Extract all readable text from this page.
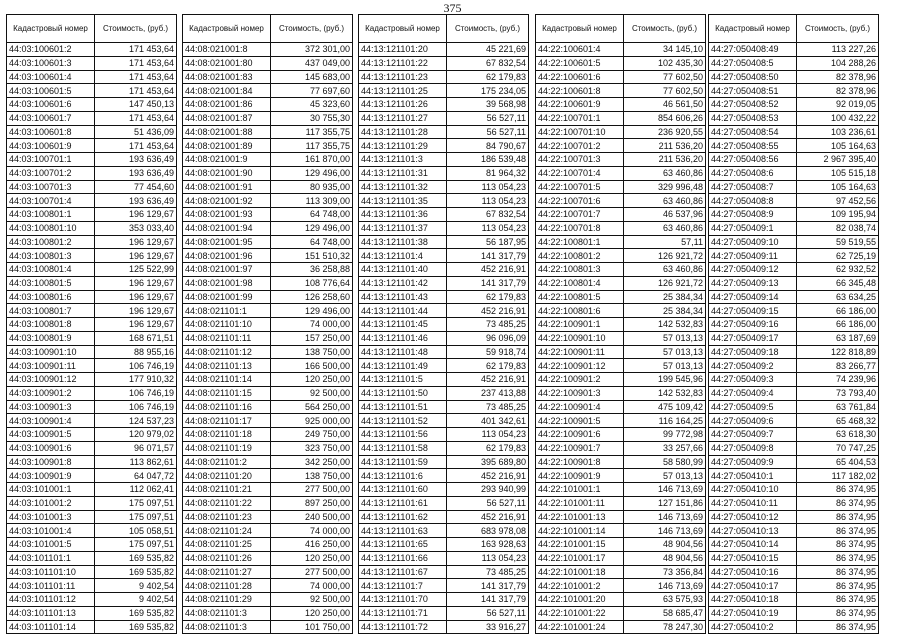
375
Кадастровый номер	Стоимость, (руб.)
44:03:100601:2	171 453,64
44:03:100601:3	171 453,64
44:03:100601:4	171 453,64
44:03:100601:5	171 453,64
44:03:100601:6	147 450,13
44:03:100601:7	171 453,64
44:03:100601:8	51 436,09
44:03:100601:9	171 453,64
44:03:100701:1	193 636,49
44:03:100701:2	193 636,49
44:03:100701:3	77 454,60
44:03:100701:4	193 636,49
44:03:100801:1	196 129,67
44:03:100801:10	353 033,40
44:03:100801:2	196 129,67
44:03:100801:3	196 129,67
44:03:100801:4	125 522,99
44:03:100801:5	196 129,67
44:03:100801:6	196 129,67
44:03:100801:7	196 129,67
44:03:100801:8	196 129,67
44:03:100801:9	168 671,51
44:03:100901:10	88 955,16
44:03:100901:11	106 746,19
44:03:100901:12	177 910,32
44:03:100901:2	106 746,19
44:03:100901:3	106 746,19
44:03:100901:4	124 537,23
44:03:100901:5	120 979,02
44:03:100901:6	96 071,57
44:03:100901:8	113 862,61
44:03:100901:9	64 047,72
44:03:101001:1	112 062,41
44:03:101001:2	175 097,51
44:03:101001:3	175 097,51
44:03:101001:4	105 058,51
44:03:101001:5	175 097,51
44:03:101101:1	169 535,82
44:03:101101:10	169 535,82
44:03:101101:11	9 402,54
44:03:101101:12	9 402,54
44:03:101101:13	169 535,82
44:03:101101:14	169 535,82
Кадастровый номер	Стоимость, (руб.)
44:08:021001:8	372 301,00
44:08:021001:80	437 049,00
44:08:021001:83	145 683,00
44:08:021001:84	77 697,60
44:08:021001:86	45 323,60
44:08:021001:87	30 755,30
44:08:021001:88	117 355,75
44:08:021001:89	117 355,75
44:08:021001:9	161 870,00
44:08:021001:90	129 496,00
44:08:021001:91	80 935,00
44:08:021001:92	113 309,00
44:08:021001:93	64 748,00
44:08:021001:94	129 496,00
44:08:021001:95	64 748,00
44:08:021001:96	151 510,32
44:08:021001:97	36 258,88
44:08:021001:98	108 776,64
44:08:021001:99	126 258,60
44:08:021101:1	129 496,00
44:08:021101:10	74 000,00
44:08:021101:11	157 250,00
44:08:021101:12	138 750,00
44:08:021101:13	166 500,00
44:08:021101:14	120 250,00
44:08:021101:15	92 500,00
44:08:021101:16	564 250,00
44:08:021101:17	925 000,00
44:08:021101:18	249 750,00
44:08:021101:19	323 750,00
44:08:021101:2	342 250,00
44:08:021101:20	138 750,00
44:08:021101:21	277 500,00
44:08:021101:22	897 250,00
44:08:021101:23	240 500,00
44:08:021101:24	74 000,00
44:08:021101:25	416 250,00
44:08:021101:26	120 250,00
44:08:021101:27	277 500,00
44:08:021101:28	74 000,00
44:08:021101:29	92 500,00
44:08:021101:3	120 250,00
44:08:021101:3	101 750,00
Кадастровый номер	Стоимость, (руб.)
44:13:121101:20	45 221,69
44:13:121101:22	67 832,54
44:13:121101:23	62 179,83
44:13:121101:25	175 234,05
44:13:121101:26	39 568,98
44:13:121101:27	56 527,11
44:13:121101:28	56 527,11
44:13:121101:29	84 790,67
44:13:121101:3	186 539,48
44:13:121101:31	81 964,32
44:13:121101:32	113 054,23
44:13:121101:35	113 054,23
44:13:121101:36	67 832,54
44:13:121101:37	113 054,23
44:13:121101:38	56 187,95
44:13:121101:4	141 317,79
44:13:121101:40	452 216,91
44:13:121101:42	141 317,79
44:13:121101:43	62 179,83
44:13:121101:44	452 216,91
44:13:121101:45	73 485,25
44:13:121101:46	96 096,09
44:13:121101:48	59 918,74
44:13:121101:49	62 179,83
44:13:121101:5	452 216,91
44:13:121101:50	237 413,88
44:13:121101:51	73 485,25
44:13:121101:52	401 342,61
44:13:121101:56	113 054,23
44:13:121101:58	62 179,83
44:13:121101:59	395 689,80
44:13:121101:6	452 216,91
44:13:121101:60	293 940,99
44:13:121101:61	56 527,11
44:13:121101:62	452 216,91
44:13:121101:63	683 978,08
44:13:121101:65	163 928,63
44:13:121101:66	113 054,23
44:13:121101:67	73 485,25
44:13:121101:7	141 317,79
44:13:121101:70	141 317,79
44:13:121101:71	56 527,11
44:13:121101:72	33 916,27
Кадастровый номер	Стоимость, (руб.)
44:22:100601:4	34 145,10
44:22:100601:5	102 435,30
44:22:100601:6	77 602,50
44:22:100601:8	77 602,50
44:22:100601:9	46 561,50
44:22:100701:1	854 606,26
44:22:100701:10	236 920,55
44:22:100701:2	211 536,20
44:22:100701:3	211 536,20
44:22:100701:4	63 460,86
44:22:100701:5	329 996,48
44:22:100701:6	63 460,86
44:22:100701:7	46 537,96
44:22:100701:8	63 460,86
44:22:100801:1	57,11
44:22:100801:2	126 921,72
44:22:100801:3	63 460,86
44:22:100801:4	126 921,72
44:22:100801:5	25 384,34
44:22:100801:6	25 384,34
44:22:100901:1	142 532,83
44:22:100901:10	57 013,13
44:22:100901:11	57 013,13
44:22:100901:12	57 013,13
44:22:100901:2	199 545,96
44:22:100901:3	142 532,83
44:22:100901:4	475 109,42
44:22:100901:5	116 164,25
44:22:100901:6	99 772,98
44:22:100901:7	33 257,66
44:22:100901:8	58 580,99
44:22:100901:9	57 013,13
44:22:101001:1	146 713,69
44:22:101001:11	127 151,86
44:22:101001:13	146 713,69
44:22:101001:14	146 713,69
44:22:101001:15	48 904,56
44:22:101001:17	48 904,56
44:22:101001:18	73 356,84
44:22:101001:2	146 713,69
44:22:101001:20	63 575,93
44:22:101001:22	58 685,47
44:22:101001:24	78 247,30
Кадастровый номер	Стоимость, (руб.)
44:27:050408:49	113 227,26
44:27:050408:5	104 288,26
44:27:050408:50	82 378,96
44:27:050408:51	82 378,96
44:27:050408:52	92 019,05
44:27:050408:53	100 432,22
44:27:050408:54	103 236,61
44:27:050408:55	105 164,63
44:27:050408:56	2 967 395,40
44:27:050408:6	105 515,18
44:27:050408:7	105 164,63
44:27:050408:8	97 452,56
44:27:050408:9	109 195,94
44:27:050409:1	82 038,74
44:27:050409:10	59 519,55
44:27:050409:11	62 725,19
44:27:050409:12	62 932,52
44:27:050409:13	66 345,48
44:27:050409:14	63 634,25
44:27:050409:15	66 186,00
44:27:050409:16	66 186,00
44:27:050409:17	63 187,69
44:27:050409:18	122 818,89
44:27:050409:2	83 266,77
44:27:050409:3	74 239,96
44:27:050409:4	73 793,40
44:27:050409:5	63 761,84
44:27:050409:6	65 468,32
44:27:050409:7	63 618,30
44:27:050409:8	70 747,25
44:27:050409:9	65 404,53
44:27:050410:1	117 182,02
44:27:050410:10	86 374,95
44:27:050410:11	86 374,95
44:27:050410:12	86 374,95
44:27:050410:13	86 374,95
44:27:050410:14	86 374,95
44:27:050410:15	86 374,95
44:27:050410:16	86 374,95
44:27:050410:17	86 374,95
44:27:050410:18	86 374,95
44:27:050410:19	86 374,95
44:27:050410:2	86 374,95
